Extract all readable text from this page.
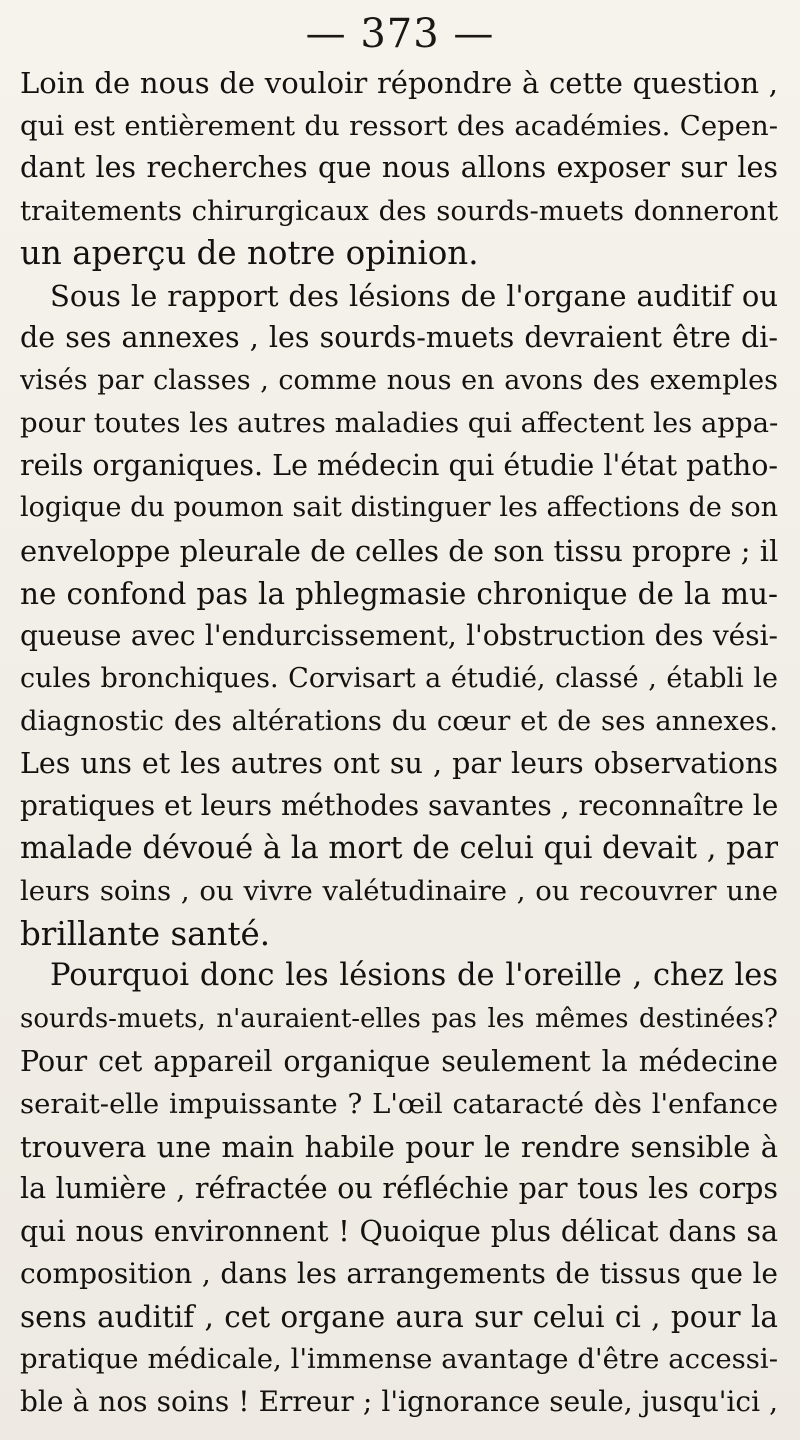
— 373 —
Loin de nous de vouloir répondre à cette question ,
qui est entièrement du ressort des académies. Cepen-
dant les recherches que nous allons exposer sur les
traitements chirurgicaux des sourds-muets donneront
un aperçu de notre opinion.
Sous le rapport des lésions de l'organe auditif ou
de ses annexes , les sourds-muets devraient être di-
visés par classes , comme nous en avons des exemples
pour toutes les autres maladies qui affectent les appa-
reils organiques. Le médecin qui étudie l'état patho-
logique du poumon sait distinguer les affections de son
enveloppe pleurale de celles de son tissu propre ; il
ne confond pas la phlegmasie chronique de la mu-
queuse avec l'endurcissement, l'obstruction des vési-
cules bronchiques. Corvisart a étudié, classé , établi le
diagnostic des altérations du cœur et de ses annexes.
Les uns et les autres ont su , par leurs observations
pratiques et leurs méthodes savantes , reconnaître le
malade dévoué à la mort de celui qui devait , par
leurs soins , ou vivre valétudinaire , ou recouvrer une
brillante santé.
Pourquoi donc les lésions de l'oreille , chez les
sourds-muets, n'auraient-elles pas les mêmes destinées?
Pour cet appareil organique seulement la médecine
serait-elle impuissante ? L'œil cataracté dès l'enfance
trouvera une main habile pour le rendre sensible à
la lumière , réfractée ou réfléchie par tous les corps
qui nous environnent ! Quoique plus délicat dans sa
composition , dans les arrangements de tissus que le
sens auditif , cet organe aura sur celui ci , pour la
pratique médicale, l'immense avantage d'être accessi-
ble à nos soins ! Erreur ; l'ignorance seule, jusqu'ici ,
